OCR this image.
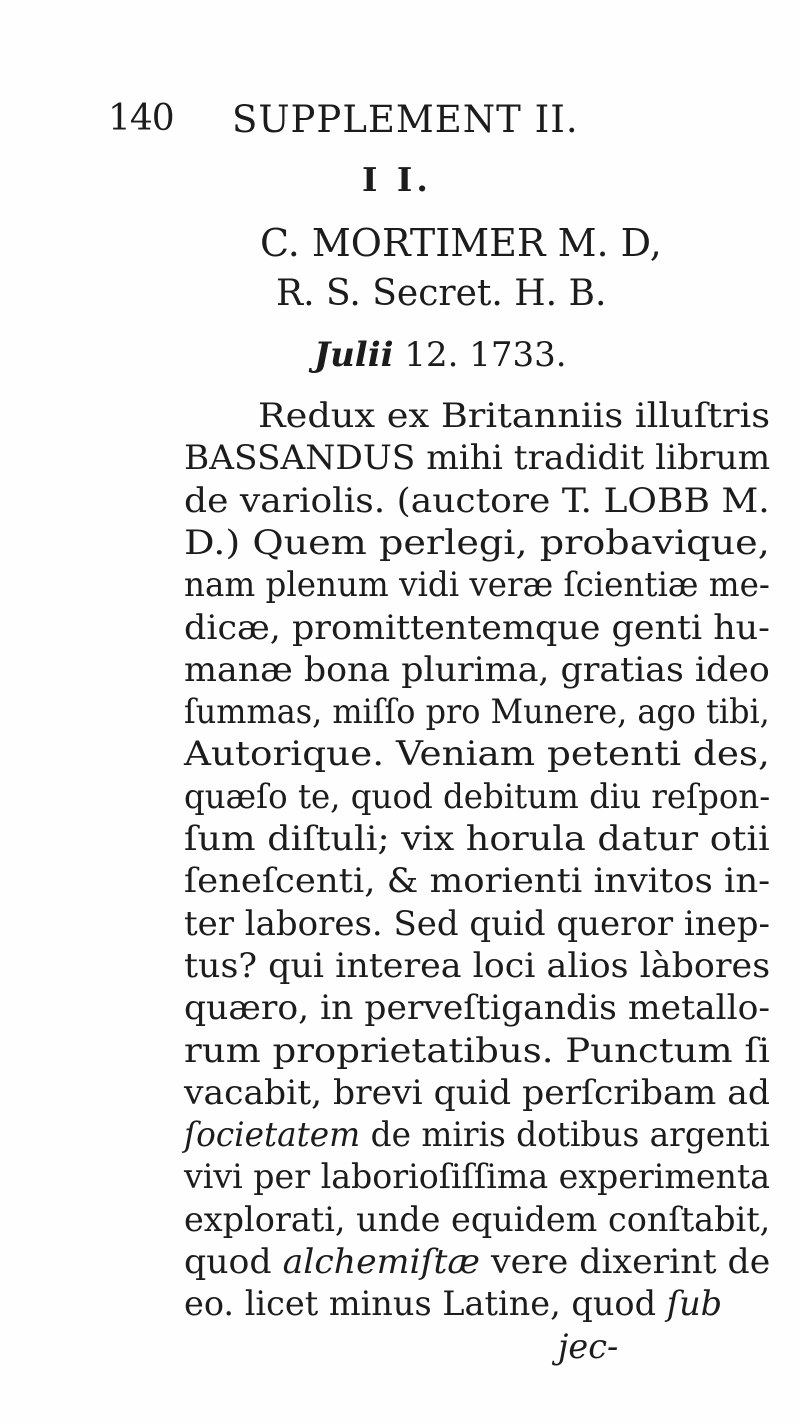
140 SUPPLEMENT II.
I I.
C. MORTIMER M. D,
R. S. Secret. H. B.
Julii 12. 1733.
Redux ex Britanniis illuſtris
BASSANDUS mihi tradidit librum
de variolis. (auctore T. LOBB M.
D.) Quem perlegi, probavique,
nam plenum vidi veræ ſcientiæ me-
dicæ, promittentemque genti hu-
manæ bona plurima, gratias ideo
ſummas, miſſo pro Munere, ago tibi,
Autorique. Veniam petenti des,
quæſo te, quod debitum diu reſpon-
ſum diſtuli; vix horula datur otii
ſeneſcenti, & morienti invitos in-
ter labores. Sed quid queror inep-
tus? qui interea loci alios làbores
quæro, in perveſtigandis metallo-
rum proprietatibus. Punctum ſi
vacabit, brevi quid perſcribam ad
ſocietatem de miris dotibus argenti
vivi per laborioſiſſima experimenta
explorati, unde equidem conſtabit,
quod alchemiſtæ vere dixerint de
eo. licet minus Latine, quod ſub
jec-
